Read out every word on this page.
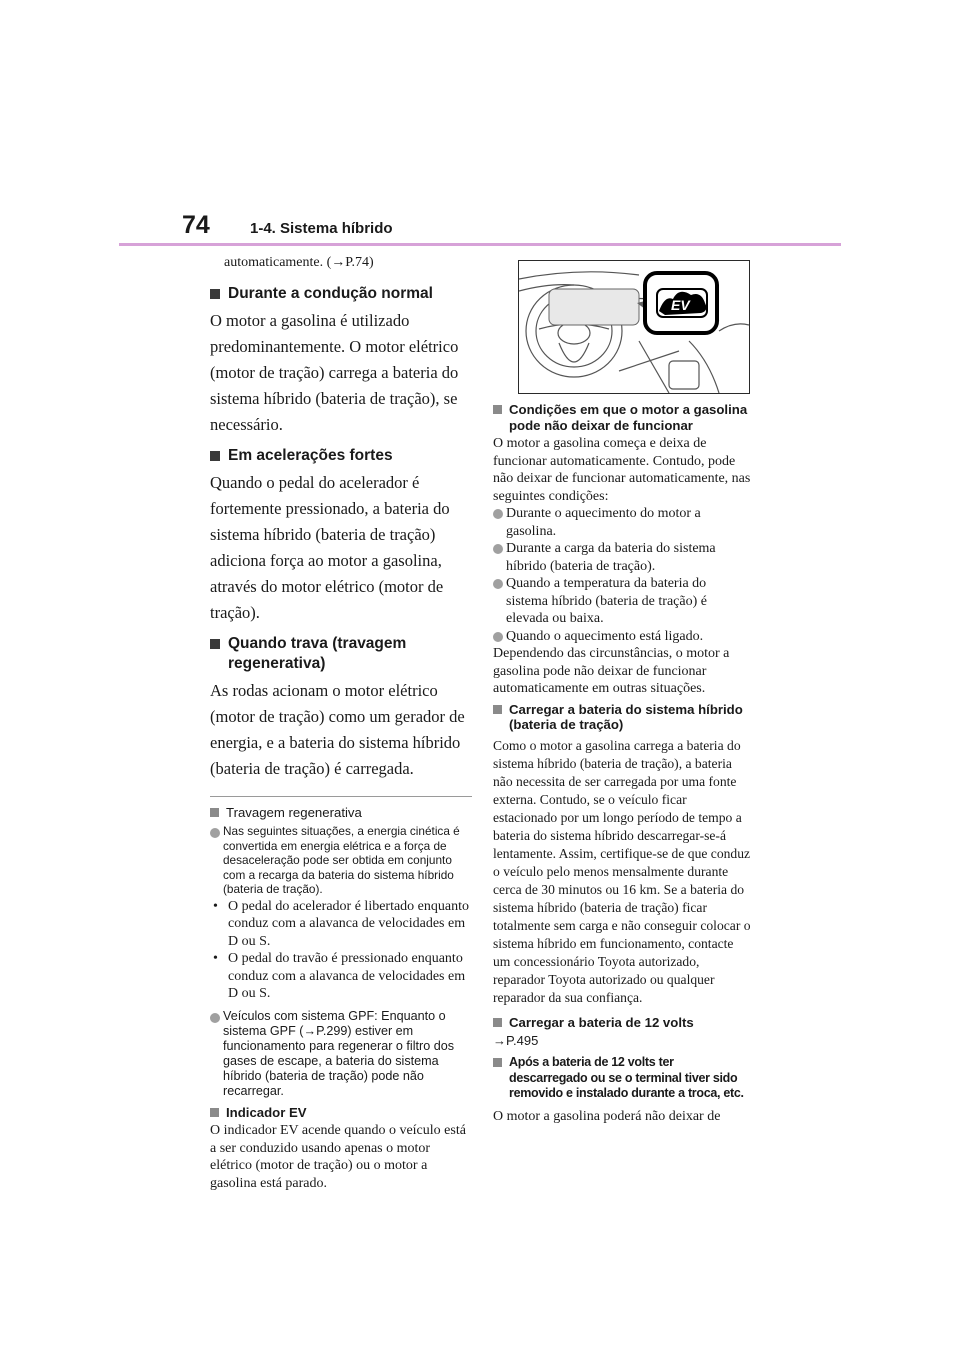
74	1-4. Sistema híbrido

automaticamente. (→P.74)

Durante a condução normal

O motor a gasolina é utilizado predominantemente. O motor elétrico (motor de tração) carrega a bateria do sistema híbrido (bateria de tração), se necessário.

Em acelerações fortes

Quando o pedal do acelerador é fortemente pressionado, a bateria do sistema híbrido (bateria de tração) adiciona força ao motor a gasolina, através do motor elétrico (motor de tração).

Quando trava (travagem regenerativa)

As rodas acionam o motor elétrico (motor de tração) como um gerador de energia, e a bateria do sistema híbrido (bateria de tração) é carregada.

Travagem regenerativa
Nas seguintes situações, a energia cinética é convertida em energia elétrica e a força de desaceleração pode ser obtida em conjunto com a recarga da bateria do sistema híbrido (bateria de tração).
• O pedal do acelerador é libertado enquanto conduz com a alavanca de velocidades em D ou S.
• O pedal do travão é pressionado enquanto conduz com a alavanca de velocidades em D ou S.
Veículos com sistema GPF: Enquanto o sistema GPF (→P.299) estiver em funcionamento para regenerar o filtro dos gases de escape, a bateria do sistema híbrido (bateria de tração) pode não recarregar.
Indicador EV

O indicador EV acende quando o veículo está a ser conduzido usando apenas o motor elétrico (motor de tração) ou o motor a gasolina está parado.

EV
Condições em que o motor a gasolina pode não deixar de funcionar

O motor a gasolina começa e deixa de funcionar automaticamente. Contudo, pode não deixar de funcionar automaticamente, nas seguintes condições:

Durante o aquecimento do motor a gasolina.
Durante a carga da bateria do sistema híbrido (bateria de tração).
Quando a temperatura da bateria do sistema híbrido (bateria de tração) é elevada ou baixa.
Quando o aquecimento está ligado.

Dependendo das circunstâncias, o motor a gasolina pode não deixar de funcionar automaticamente em outras situações.

Carregar a bateria do sistema híbrido (bateria de tração)

Como o motor a gasolina carrega a bateria do sistema híbrido (bateria de tração), a bateria não necessita de ser carregada por uma fonte externa. Contudo, se o veículo ficar estacionado por um longo período de tempo a bateria do sistema híbrido descarregar-se-á lentamente. Assim, certifique-se de que conduz o veículo pelo menos mensalmente durante cerca de 30 minutos ou 16 km. Se a bateria do sistema híbrido (bateria de tração) ficar totalmente sem carga e não conseguir colocar o sistema híbrido em funcionamento, contacte um concessionário Toyota autorizado, reparador Toyota autorizado ou qualquer reparador da sua confiança.

Carregar a bateria de 12 volts

→P.495

Após a bateria de 12 volts ter descarregado ou se o terminal tiver sido removido e instalado durante a troca, etc.

O motor a gasolina poderá não deixar de
